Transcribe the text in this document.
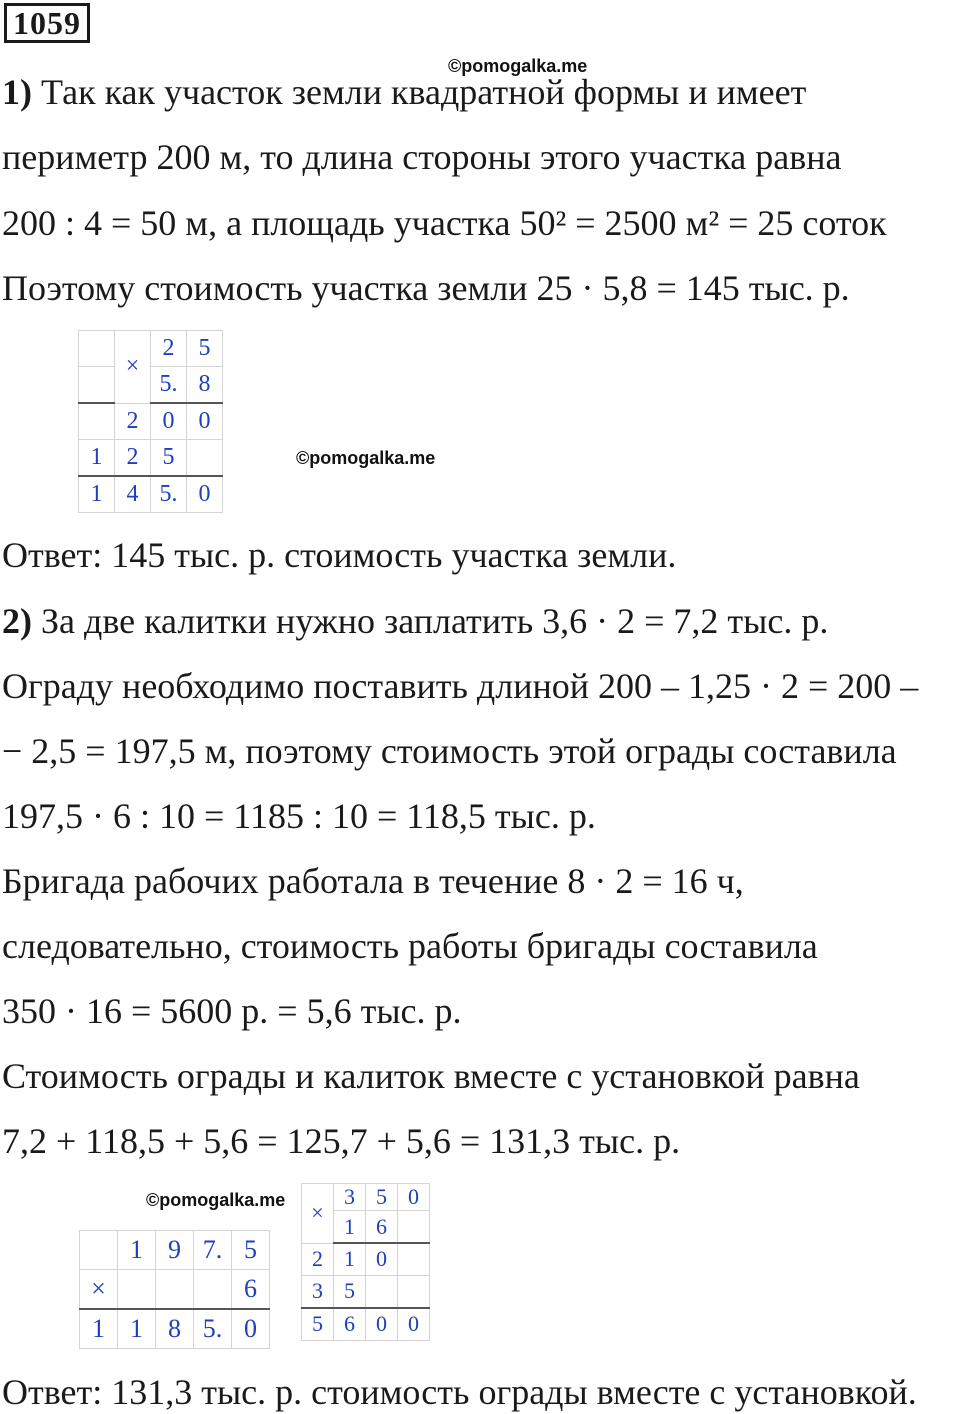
1059
©pomogalka.me
1) Так как участок земли квадратной формы и имеет
периметр 200 м, то длина стороны этого участка равна
200 : 4 = 50 м, а площадь участка 50² = 2500 м² = 25 соток
Поэтому стоимость участка земли 25 · 5,8 = 145 тыс. р.
	×	2	5
		5.	8
	2	0	0
1	2	5	
1	4	5.	0
©pomogalka.me
Ответ: 145 тыс. р. стоимость участка земли.
2) За две калитки нужно заплатить 3,6 · 2 = 7,2 тыс. р.
Ограду необходимо поставить длиной 200 – 1,25 · 2 = 200 –
− 2,5 = 197,5 м, поэтому стоимость этой ограды составила
197,5 · 6 : 10 = 1185 : 10 = 118,5 тыс. р.
Бригада рабочих работала в течение 8 · 2 = 16 ч,
следовательно, стоимость работы бригады составила
350 · 16 = 5600 р. = 5,6 тыс. р.
Стоимость ограды и калиток вместе с установкой равна
7,2 + 118,5 + 5,6 = 125,7 + 5,6 = 131,3 тыс. р.
©pomogalka.me
	1	9	7.	5
×				6
1	1	8	5.	0
×	3	5	0
	1	6	
2	1	0	
3	5		
5	6	0	0
Ответ: 131,3 тыс. р. стоимость ограды вместе с установкой.
